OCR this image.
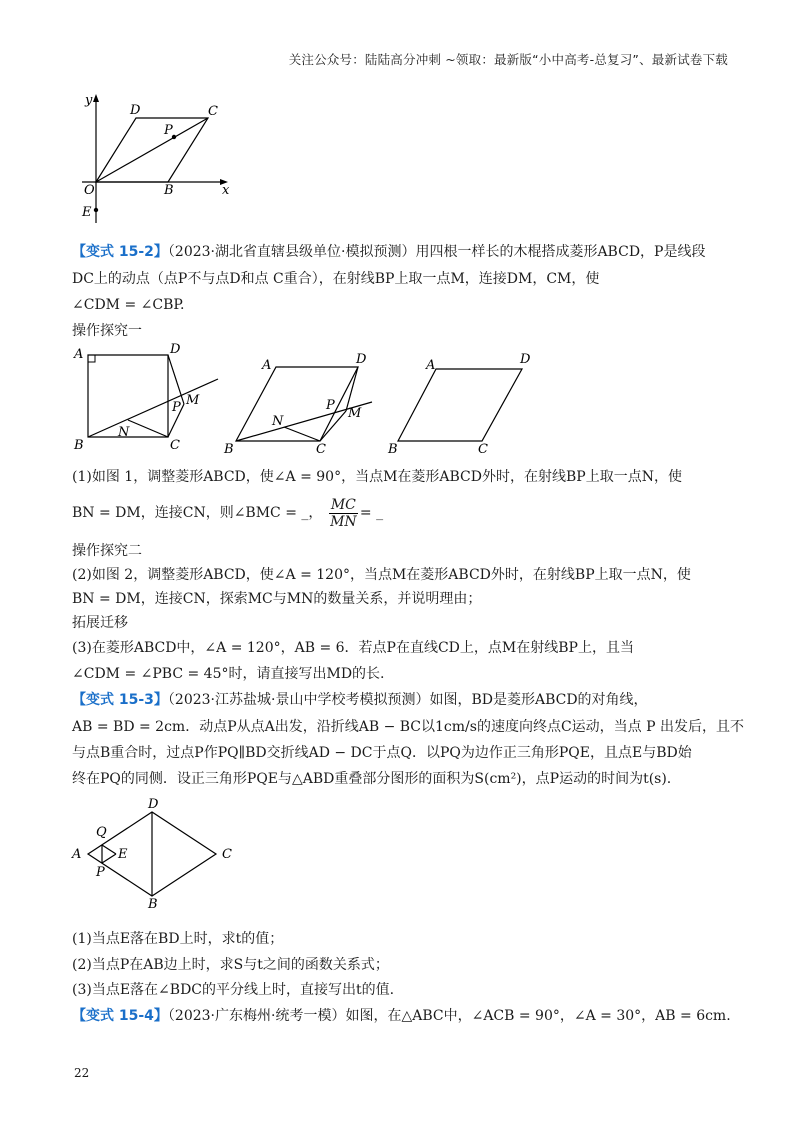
关注公众号：陆陆高分冲刺 ~领取：最新版“小中高考-总复习”、最新试卷下载
y
D	C
P
O	B	x
E
【变式 15-2】（2023·湖北省直辖县级单位·模拟预测）用四根一样长的木棍搭成菱形ABCD，P是线段
DC上的动点（点P不与点D和点 C重合），在射线BP上取一点M，连接DM，CM，使
∠CDM = ∠CBP.
操作探究一
A	D
B
N
C
P M
A	D
P
M
N
B	C
A	D
B	C
(1)如图 1，调整菱形ABCD，使∠A = 90°，当点M在菱形ABCD外时，在射线BP上取一点N，使
BN = DM，连接CN，则∠BMC = _， $\frac{MC}{MN}$ = _
操作探究二
(2)如图 2，调整菱形ABCD，使∠A = 120°，当点M在菱形ABCD外时，在射线BP上取一点N，使
BN = DM，连接CN，探索MC与MN的数量关系，并说明理由；
拓展迁移
(3)在菱形ABCD中，∠A = 120°，AB = 6．若点P在直线CD上，点M在射线BP上，且当
∠CDM = ∠PBC = 45°时，请直接写出MD的长.
【变式 15-3】（2023·江苏盐城·景山中学校考模拟预测）如图，BD是菱形ABCD的对角线，
AB = BD = 2cm．动点P从点A出发，沿折线AB − BC以1cm/s的速度向终点C运动，当点 P 出发后，且不
与点B重合时，过点P作PQ∥BD交折线AD − DC于点Q．以PQ为边作正三角形PQE，且点E与BD始
终在PQ的同侧．设正三角形PQE与△ABD重叠部分图形的面积为S(cm²)，点P运动的时间为t(s).
D
Q
A	E	C
P
B
(1)当点E落在BD上时，求t的值；
(2)当点P在AB边上时，求S与t之间的函数关系式；
(3)当点E落在∠BDC的平分线上时，直接写出t的值.
【变式 15-4】（2023·广东梅州·统考一模）如图，在△ABC中，∠ACB = 90°，∠A = 30°，AB = 6cm.
22
